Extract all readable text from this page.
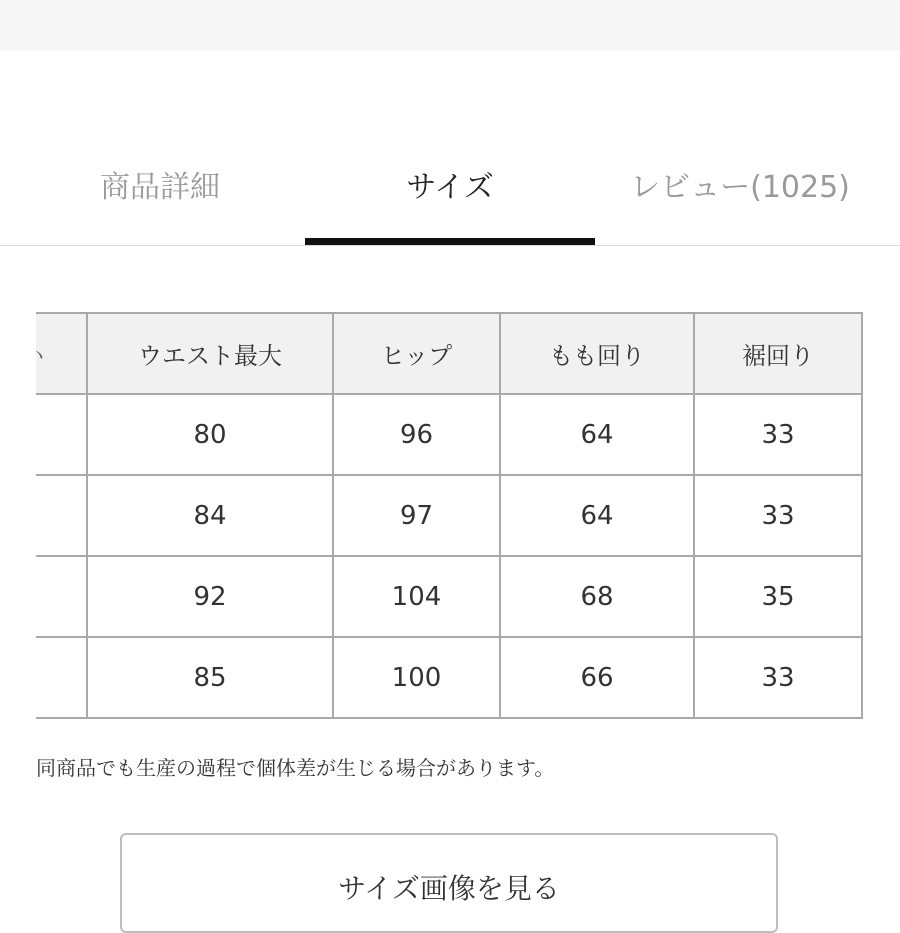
商品詳細	サイズ	レビュー(1025)
ヽ	ウエスト最大	ヒップ	もも回り	裾回り
	80	96	64	33
	84	97	64	33
	92	104	68	35
	85	100	66	33
同商品でも生産の過程で個体差が生じる場合があります。
サイズ画像を見る
